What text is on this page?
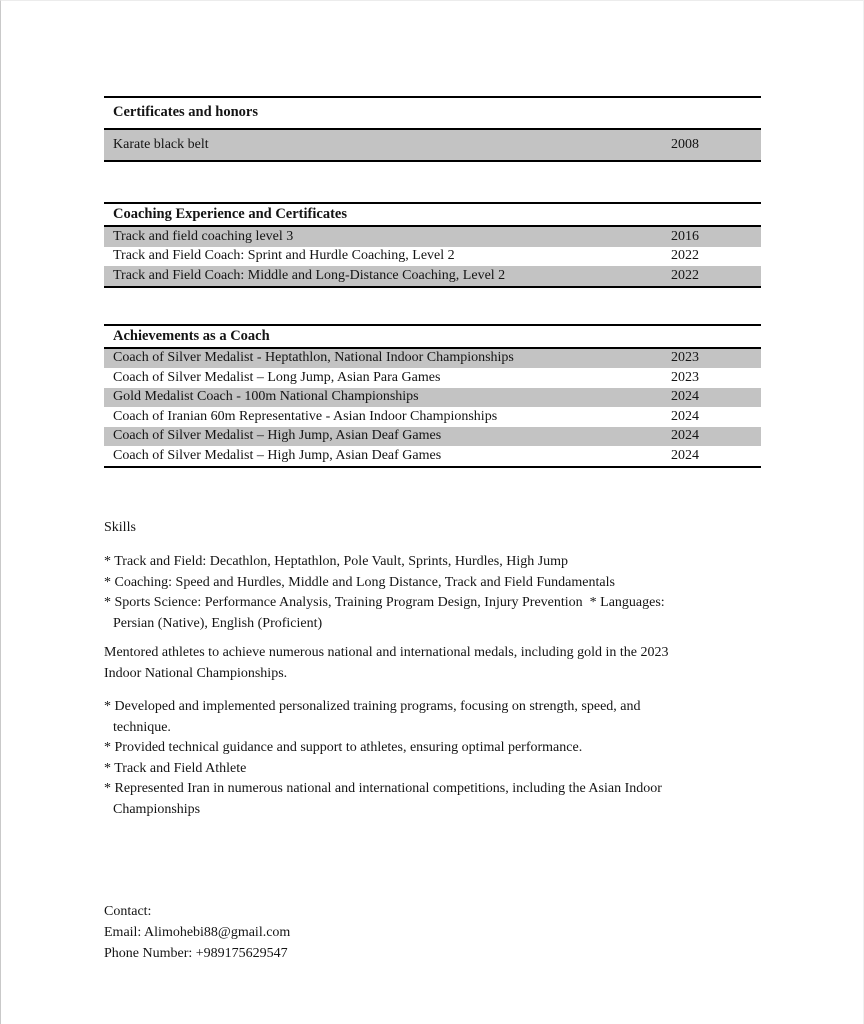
Certificates and honors
Karate black belt	2008
Coaching Experience and Certificates
Track and field coaching level 3	2016
Track and Field Coach: Sprint and Hurdle Coaching, Level 2	2022
Track and Field Coach: Middle and Long-Distance Coaching, Level 2	2022
Achievements as a Coach
Coach of Silver Medalist - Heptathlon, National Indoor Championships	2023
Coach of Silver Medalist – Long Jump, Asian Para Games	2023
Gold Medalist Coach - 100m National Championships	2024
Coach of Iranian 60m Representative - Asian Indoor Championships	2024
Coach of Silver Medalist – High Jump, Asian Deaf Games	2024
Coach of Silver Medalist – High Jump, Asian Deaf Games	2024
Skills
* Track and Field: Decathlon, Heptathlon, Pole Vault, Sprints, Hurdles, High Jump
* Coaching: Speed and Hurdles, Middle and Long Distance, Track and Field Fundamentals
* Sports Science: Performance Analysis, Training Program Design, Injury Prevention  * Languages:
Persian (Native), English (Proficient)
Mentored athletes to achieve numerous national and international medals, including gold in the 2023
Indoor National Championships.
* Developed and implemented personalized training programs, focusing on strength, speed, and
technique.
* Provided technical guidance and support to athletes, ensuring optimal performance.
* Track and Field Athlete
* Represented Iran in numerous national and international competitions, including the Asian Indoor
Championships
Contact:
Email: Alimohebi88@gmail.com
Phone Number: +989175629547
